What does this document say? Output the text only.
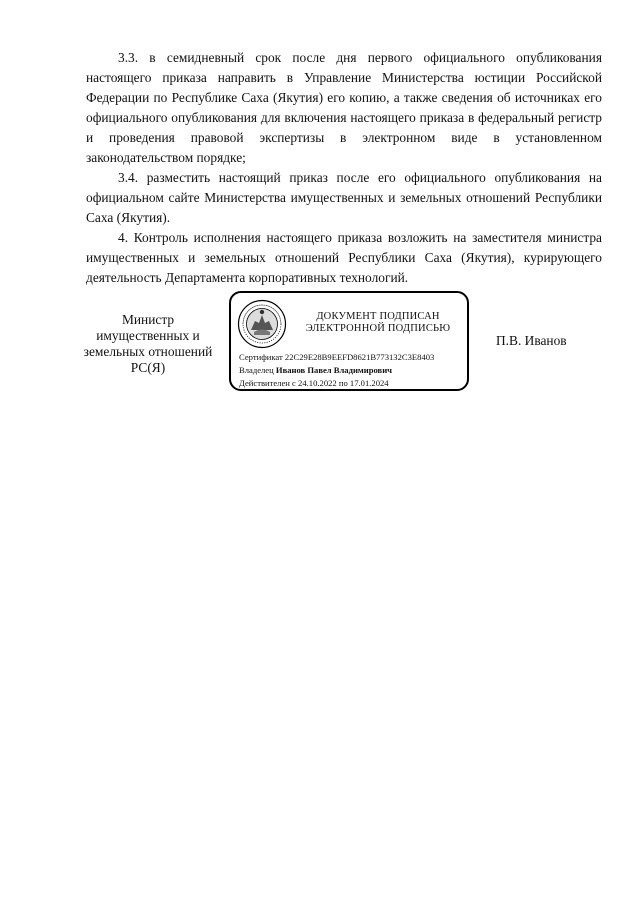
3.3. в семидневный срок после дня первого официального опубликования настоящего приказа направить в Управление Министерства юстиции Российской Федерации по Республике Саха (Якутия) его копию, а также сведения об источниках его официального опубликования для включения настоящего приказа в федеральный регистр и проведения правовой экспертизы в электронном виде в установленном законодательством порядке;

3.4. разместить настоящий приказ после его официального опубликования на официальном сайте Министерства имущественных и земельных отношений Республики Саха (Якутия).

4. Контроль исполнения настоящего приказа возложить на заместителя министра имущественных и земельных отношений Республики Саха (Якутия), курирующего деятельность Департамента корпоративных технологий.

Министр
имущественных и
земельных отношений
РС(Я)
ДОКУМЕНТ ПОДПИСАН
ЭЛЕКТРОННОЙ ПОДПИСЬЮ
Сертификат 22C29E28B9EEFD8621B773132C3E8403
Владелец Иванов Павел Владимирович
Действителен с 24.10.2022 по 17.01.2024
П.В. Иванов
